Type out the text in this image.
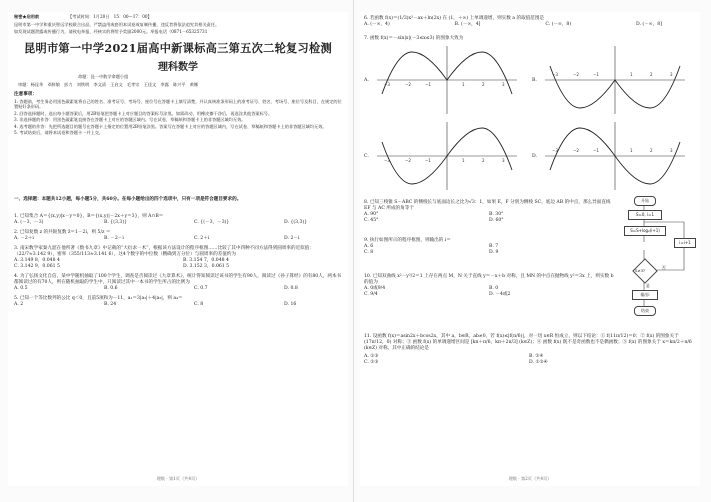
秘密★启用前	【考试时间：1月20日　15：00—17：00】
昆明市第一中学和重庆智远学校联合出品，严禁盗用或套用本试卷或复制传播，违反者将依法追究其相关责任。
如发现试题泄露或传播行为，请致电举报，经核实的将给予奖励2000元。举报电话（0871－65325731
昆明市第一中学2021届高中新课标高三第五次二轮复习检测
理科数学
命题：昆一中数学命题小组
审题：杨昆华　邓鲜敏　彭力　刘铁明　李文清　王启文　毛孝宗　王佳文　李露　陈兴平　黄娜
注意事项：
1. 答题前，考生务必用黑色碳素笔将自己的姓名、准考证号、考场号、座位号在答题卡上填写清楚，并认真核准条形码上的准考证号、姓名、考场号、座位号及科目，在规定的位置贴好条形码。
2. 回答选择题时，选出每小题答案后，用2B铅笔把答题卡上对应题目的答案标号涂黑。如需改动，用橡皮擦干净后，再选涂其他答案标号。
3. 非选择题的作答：用黑色碳素笔直接答在答题卡上对应的答题区域内。写在试卷、草稿纸和答题卡上的非答题区域均无效。
4. 选考题的作答：先把所选题目的题号在答题卡上指定的位置用2B铅笔涂黑。答案写在答题卡上对应的答题区域内，写在试卷、草稿纸和答题卡上的非答题区域均无效。
5. 考试结束后，请将本试卷和答题卡一并上交。
一、选择题：本题共12小题，每小题5分，共60分。在每小题给出的四个选项中，只有一项是符合题目要求的。
1. 已知集合 A＝{(x,y)|x－y＝0}，B＝{(x,y)|－2x＋y＝3}，则 A∩B＝
A. (－3，－3)	B. {(3,3)}	C. {(－3，－3)}	D. {(3,3)}
2. 已知复数 z 的共轭复数 z̄＝1－2i，则 5/z ＝
A. －2＋i	B. －2－i	C. 2＋i	D. 2－i
3. 南宋数学家秦九韶在他所著《数书九章》中记载的“大衍求一术”，根据该方法设计的程序框图……比较了其中四种不同方法得到圆周率的近似值：（22/7≈3.142 9），密率（355/113≈3.141 6），这4个数字的中位数（精确到万分位）与圆周率的差值约为
A. 3.149 8，0.048 4	B. 3.154 7，0.048 4
C. 3.142 9，0.061 5	D. 3.152 3，0.061 5
4. 为了弘扬文化自信，某中学随机抽取了100个学生，调查是否阅读过《九章算术》，统计得知阅读过该书的学生有90人，阅读过《孙子算经》的有80人，两本书都阅读过的有70人，则在随机抽取的学生中，只阅读过其中一本书的学生所占的比例为
A. 0.5	B. 0.6	C. 0.7	D. 0.8
5. 已知一个等比数列的公比 q＜0，且前5项和为－11，a₁＝3|a₂|＋4|a₃|，则 a₄＝
A. 2	B. 24	C. 8	D. 16
理数 · 第1页（共4页）
6. 若函数 f(x)＝(1/3)x³－ax＋ln(2x) 在 (1，＋∞) 上单调递增，则实数 a 的取值范围是
A. (－∞，4)	B. (－∞，4]	C. (－∞，8)	D. (－∞，8]
7. 函数 f(x)＝－sin|x|(－3≤x≤3) 的图象大致为
A.
−3	−2	−1	1	2	3
B.
−3	−2	−1	1	2	3
C.
−3	−2	−1	1	2	3
D.
−3	−2	−1	1	2	3
8. 已知三棱锥 S－ABC 的侧棱长与底面边长之比为√3：1，如果 E，F 分别为侧棱 SC，底边 AB 的中点，那么异面直线 EF 与 AC 所成的角等于
A. 90°	B. 30°
C. 45°	D. 60°
9. 执行如图所示的程序框图，则输出的 i＝
A. 6	B. 7
C. 8	D. 9
开始
S=0, i=1
S=S+log₂(i+1)
i=i+1
S≥3?
否
是
输出i
结束
10. 已知双曲线 x²－y²/2＝1 上存在两点 M，N 关于直线 y＝－x＋b 对称，且 MN 的中点在抛物线 y²＝3x 上，则实数 b 的值为
A. 0或9/4	B. 0
C. 9/4	D. －4或2
11. 设函数 f(x)＝asin2x＋bcos2x，其中 a，b∈R，ab≠0，若 f(x)≤|f(π/6)|，对一切 x∈R 恒成立，则以下结论：① f(11π/12)＝0；② f(x) 的图象关于 (17π/12，0) 对称；③ 函数 f(x) 的单调递增区间是 [kπ＋π/6，kπ＋2π/3] (k∈Z)；④ 函数 f(x) 既不是奇函数也不是偶函数；⑤ f(x) 的图象关于 x＝kπ/2＋π/6 (k∈Z) 对称。其中正确的结论是
A. ①③	B. ②④
C. ②③	D. ①③④
理数 · 第2页（共4页）
